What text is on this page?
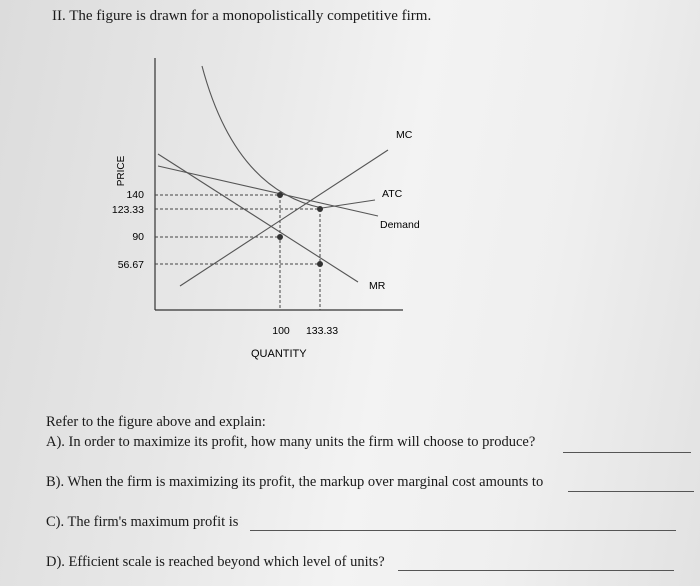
II. The figure is drawn for a monopolistically competitive firm.
PRICE
QUANTITY
140
123.33
90
56.67
100 133.33
MC
ATC
Demand
MR
Refer to the figure above and explain:
A). In order to maximize its profit, how many units the firm will choose to produce?
B). When the firm is maximizing its profit, the markup over marginal cost amounts to
C). The firm's maximum profit is
D). Efficient scale is reached beyond which level of units?
